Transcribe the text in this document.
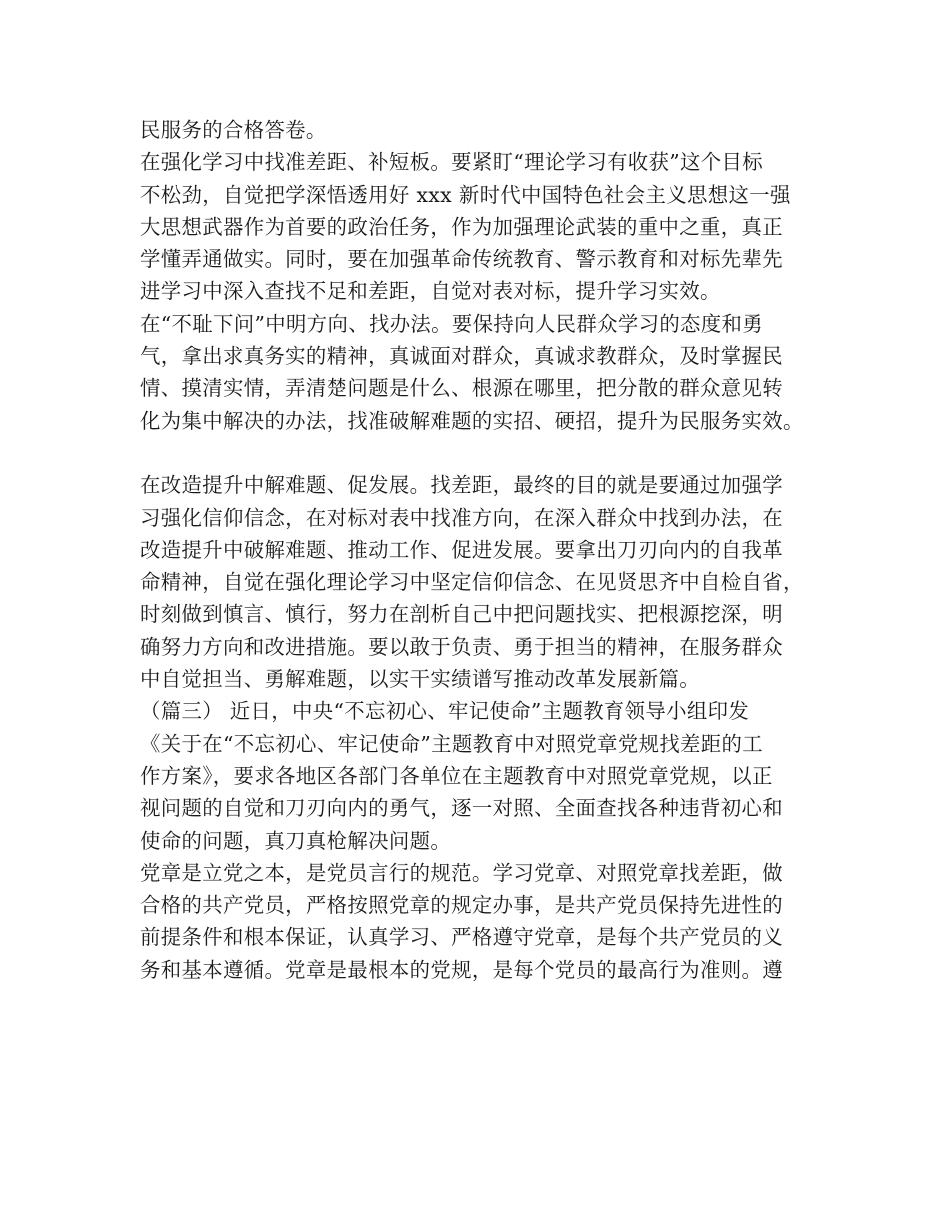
民服务的合格答卷。
在强化学习中找准差距、补短板。要紧盯“理论学习有收获”这个目标
不松劲，自觉把学深悟透用好 xxx 新时代中国特色社会主义思想这一强
大思想武器作为首要的政治任务，作为加强理论武装的重中之重，真正
学懂弄通做实。同时，要在加强革命传统教育、警示教育和对标先辈先
进学习中深入查找不足和差距，自觉对表对标，提升学习实效。
在“不耻下问”中明方向、找办法。要保持向人民群众学习的态度和勇
气，拿出求真务实的精神，真诚面对群众，真诚求教群众，及时掌握民
情、摸清实情，弄清楚问题是什么、根源在哪里，把分散的群众意见转
化为集中解决的办法，找准破解难题的实招、硬招，提升为民服务实效。
在改造提升中解难题、促发展。找差距，最终的目的就是要通过加强学
习强化信仰信念，在对标对表中找准方向，在深入群众中找到办法，在
改造提升中破解难题、推动工作、促进发展。要拿出刀刃向内的自我革
命精神，自觉在强化理论学习中坚定信仰信念、在见贤思齐中自检自省，
时刻做到慎言、慎行，努力在剖析自己中把问题找实、把根源挖深，明
确努力方向和改进措施。要以敢于负责、勇于担当的精神，在服务群众
中自觉担当、勇解难题，以实干实绩谱写推动改革发展新篇。
（篇三） 近日，中央“不忘初心、牢记使命”主题教育领导小组印发
《关于在“不忘初心、牢记使命”主题教育中对照党章党规找差距的工
作方案》，要求各地区各部门各单位在主题教育中对照党章党规，以正
视问题的自觉和刀刃向内的勇气，逐一对照、全面查找各种违背初心和
使命的问题，真刀真枪解决问题。
党章是立党之本，是党员言行的规范。学习党章、对照党章找差距，做
合格的共产党员，严格按照党章的规定办事，是共产党员保持先进性的
前提条件和根本保证，认真学习、严格遵守党章，是每个共产党员的义
务和基本遵循。党章是最根本的党规，是每个党员的最高行为准则。遵
